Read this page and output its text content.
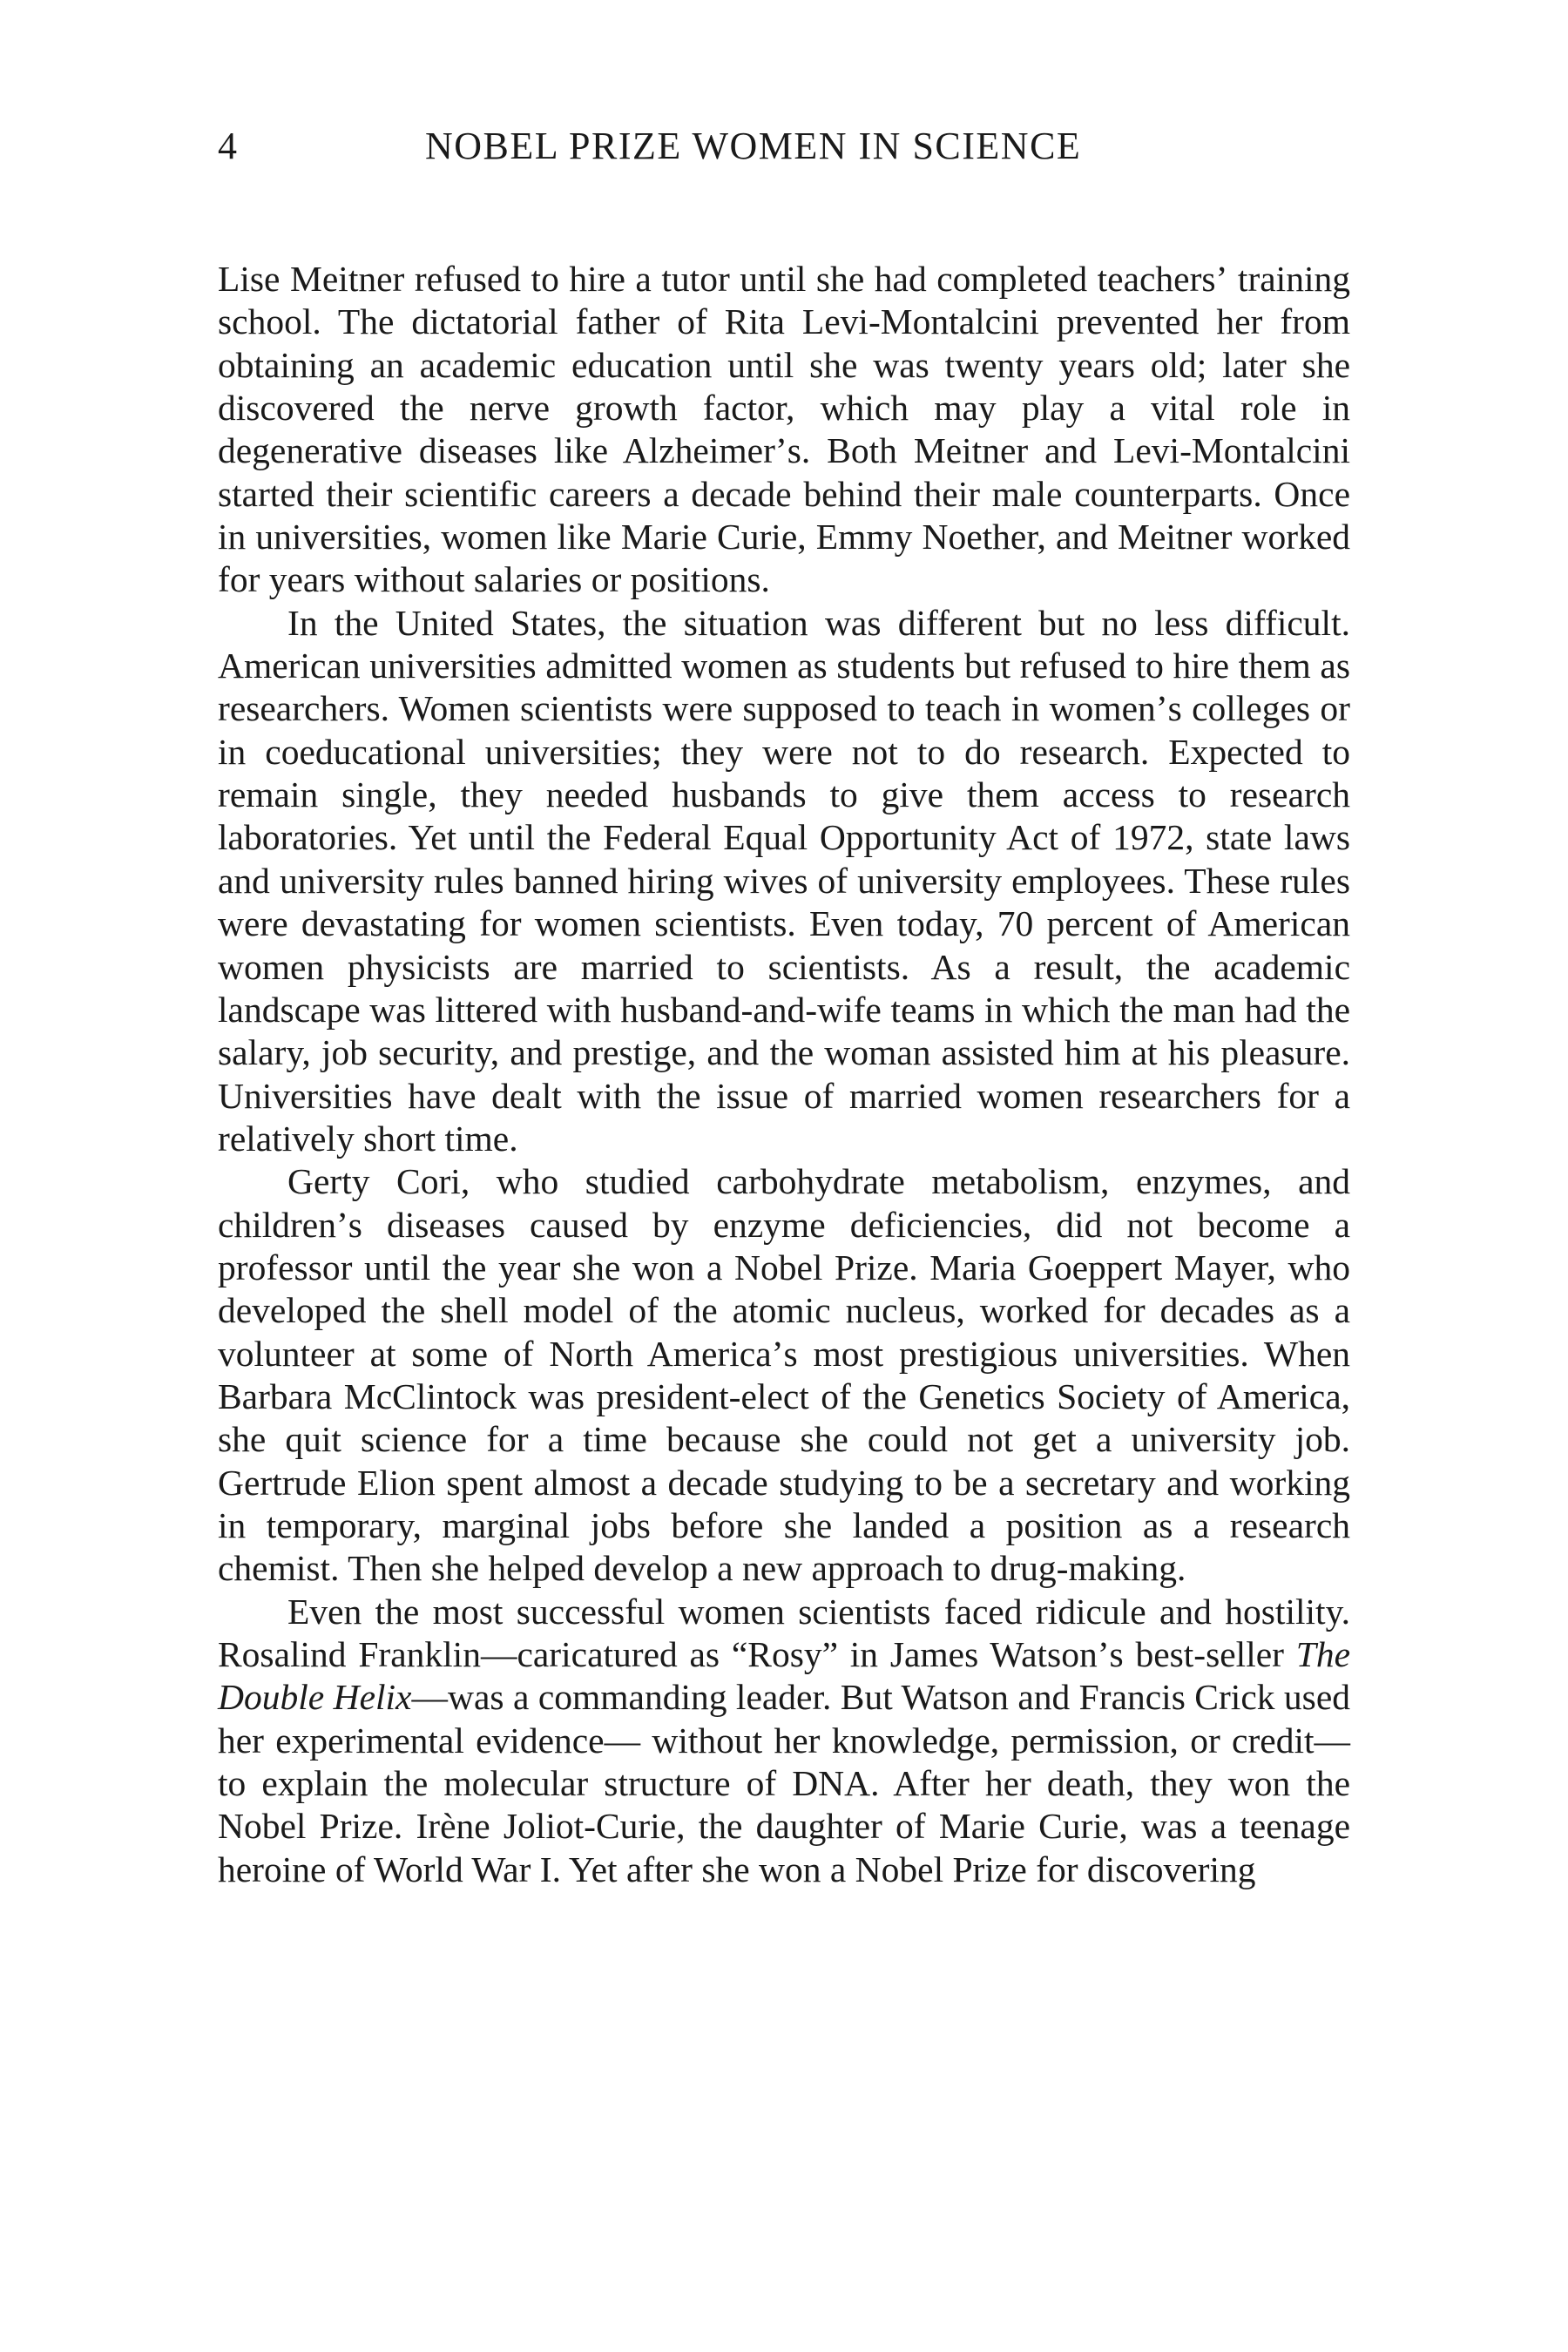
4	NOBEL PRIZE WOMEN IN SCIENCE

Lise Meitner refused to hire a tutor until she had completed teachersʼ training school. The dictatorial father of Rita Levi-Montalcini prevented her from obtaining an academic education until she was twenty years old; later she discovered the nerve growth factor, which may play a vital role in degenerative diseases like Alzheimerʼs. Both Meitner and Levi-Montalcini started their scientific careers a decade behind their male counterparts. Once in universities, women like Marie Curie, Emmy Noether, and Meitner worked for years without salaries or positions.

In the United States, the situation was different but no less difficult. American universities admitted women as students but refused to hire them as researchers. Women scientists were supposed to teach in womenʼs colleges or in coeducational universities; they were not to do research. Expected to remain single, they needed husbands to give them access to research laboratories. Yet until the Federal Equal Opportunity Act of 1972, state laws and university rules banned hiring wives of university employees. These rules were devastating for women scientists. Even today, 70 percent of American women physicists are married to scientists. As a result, the academic landscape was littered with husband-and-wife teams in which the man had the salary, job security, and prestige, and the woman assisted him at his pleasure. Universities have dealt with the issue of married women researchers for a relatively short time.

Gerty Cori, who studied carbohydrate metabolism, enzymes, and childrenʼs diseases caused by enzyme deficiencies, did not become a professor until the year she won a Nobel Prize. Maria Goeppert Mayer, who developed the shell model of the atomic nucleus, worked for decades as a volunteer at some of North Americaʼs most prestigious universities. When Barbara McClintock was president-elect of the Genetics Society of America, she quit science for a time because she could not get a university job. Gertrude Elion spent almost a decade studying to be a secretary and working in temporary, marginal jobs before she landed a position as a research chemist. Then she helped develop a new approach to drug-making.

Even the most successful women scientists faced ridicule and hostility. Rosalind Franklin—caricatured as “Rosy” in James Watsonʼs best-seller The Double Helix—was a commanding leader. But Watson and Francis Crick used her experimental evidence— without her knowledge, permission, or credit—to explain the molecular structure of DNA. After her death, they won the Nobel Prize. Irène Joliot-Curie, the daughter of Marie Curie, was a teenage heroine of World War I. Yet after she won a Nobel Prize for discovering
